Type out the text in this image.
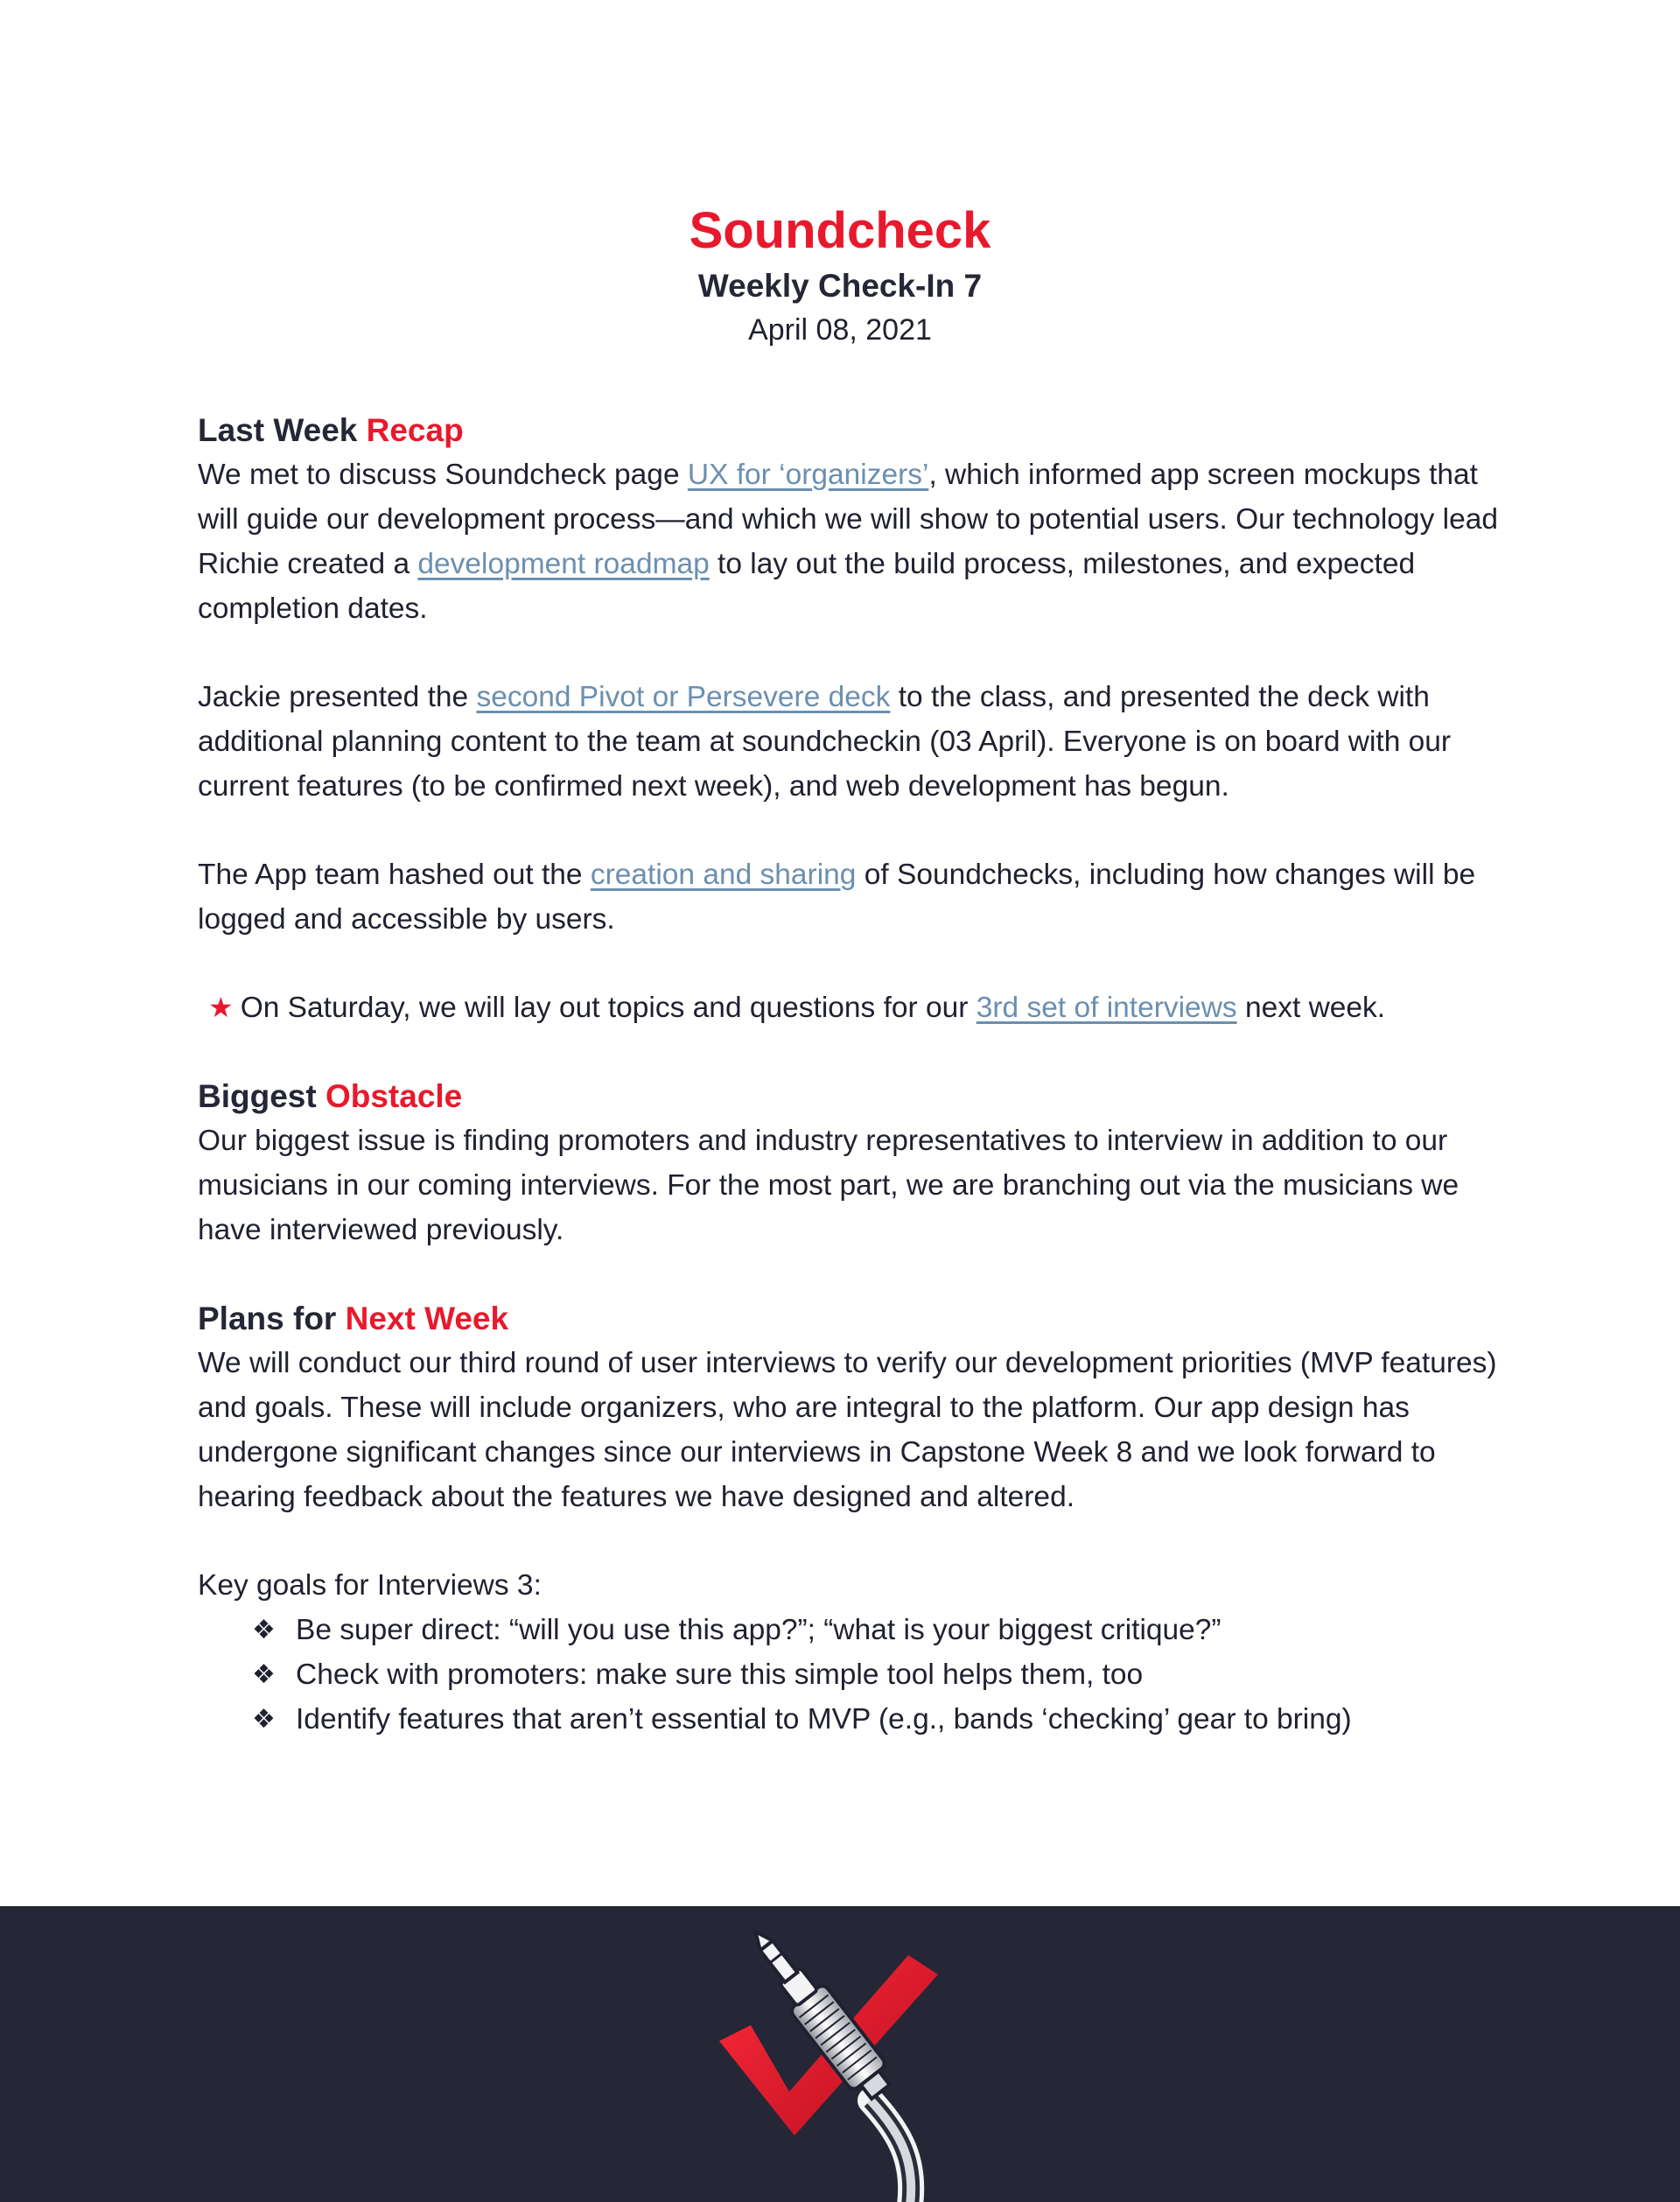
Soundcheck
Weekly Check-In 7
April 08, 2021
Last Week Recap

We met to discuss Soundcheck page UX for ‘organizers’, which informed app screen mockups that will guide our development process—and which we will show to potential users. Our technology lead Richie created a development roadmap to lay out the build process, milestones, and expected completion dates.

Jackie presented the second Pivot or Persevere deck to the class, and presented the deck with additional planning content to the team at soundcheckin (03 April). Everyone is on board with our current features (to be confirmed next week), and web development has begun.

The App team hashed out the creation and sharing of Soundchecks, including how changes will be logged and accessible by users.

★ On Saturday, we will lay out topics and questions for our 3rd set of interviews next week.

Biggest Obstacle

Our biggest issue is finding promoters and industry representatives to interview in addition to our musicians in our coming interviews. For the most part, we are branching out via the musicians we have interviewed previously.

Plans for Next Week

We will conduct our third round of user interviews to verify our development priorities (MVP features) and goals. These will include organizers, who are integral to the platform. Our app design has undergone significant changes since our interviews in Capstone Week 8 and we look forward to hearing feedback about the features we have designed and altered.

Key goals for Interviews 3:

❖ Be super direct: “will you use this app?”; “what is your biggest critique?”
❖ Check with promoters: make sure this simple tool helps them, too
❖ Identify features that aren’t essential to MVP (e.g., bands ‘checking’ gear to bring)
